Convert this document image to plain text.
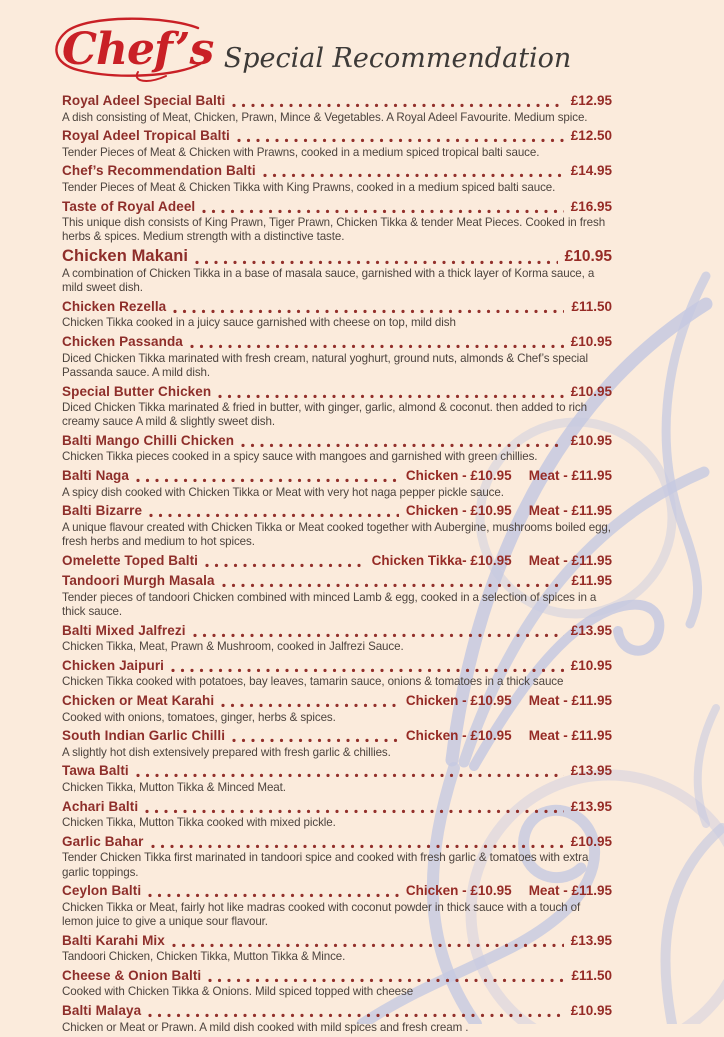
Chef’s Special Recommendation
Royal Adeel Special Balti	£12.95

A dish consisting of Meat, Chicken, Prawn, Mince & Vegetables. A Royal Adeel Favourite. Medium spice.

Royal Adeel Tropical Balti	£12.50

Tender Pieces of Meat & Chicken with Prawns, cooked in a medium spiced tropical balti sauce.

Chef’s Recommendation Balti	£14.95

Tender Pieces of Meat & Chicken Tikka with King Prawns, cooked in a medium spiced balti sauce.

Taste of Royal Adeel	£16.95

This unique dish consists of King Prawn, Tiger Prawn, Chicken Tikka & tender Meat Pieces. Cooked in fresh herbs & spices. Medium strength with a distinctive taste.

Chicken Makani	£10.95

A combination of Chicken Tikka in a base of masala sauce, garnished with a thick layer of Korma sauce, a mild sweet dish.

Chicken Rezella	£11.50

Chicken Tikka cooked in a juicy sauce garnished with cheese on top, mild dish

Chicken Passanda	£10.95

Diced Chicken Tikka marinated with fresh cream, natural yoghurt, ground nuts, almonds & Chef’s special Passanda sauce. A mild dish.

Special Butter Chicken	£10.95

Diced Chicken Tikka marinated & fried in butter, with ginger, garlic, almond & coconut. then added to rich creamy sauce A mild & slightly sweet dish.

Balti Mango Chilli Chicken	£10.95

Chicken Tikka pieces cooked in a spicy sauce with mangoes and garnished with green chillies.

Balti Naga	Chicken - £10.95 Meat - £11.95

A spicy dish cooked with Chicken Tikka or Meat with very hot naga pepper pickle sauce.

Balti Bizarre	Chicken - £10.95 Meat - £11.95

A unique flavour created with Chicken Tikka or Meat cooked together with Aubergine, mushrooms boiled egg, fresh herbs and medium to hot spices.

Omelette Toped Balti	Chicken Tikka- £10.95 Meat - £11.95
Tandoori Murgh Masala	£11.95

Tender pieces of tandoori Chicken combined with minced Lamb & egg, cooked in a selection of spices in a thick sauce.

Balti Mixed Jalfrezi	£13.95

Chicken Tikka, Meat, Prawn & Mushroom, cooked in Jalfrezi Sauce.

Chicken Jaipuri	£10.95

Chicken Tikka cooked with potatoes, bay leaves, tamarin sauce, onions & tomatoes in a thick sauce

Chicken or Meat Karahi	Chicken - £10.95 Meat - £11.95

Cooked with onions, tomatoes, ginger, herbs & spices.

South Indian Garlic Chilli	Chicken - £10.95 Meat - £11.95

A slightly hot dish extensively prepared with fresh garlic & chillies.

Tawa Balti	£13.95

Chicken Tikka, Mutton Tikka & Minced Meat.

Achari Balti	£13.95

Chicken Tikka, Mutton Tikka cooked with mixed pickle.

Garlic Bahar	£10.95

Tender Chicken Tikka first marinated in tandoori spice and cooked with fresh garlic & tomatoes with extra garlic toppings.

Ceylon Balti	Chicken - £10.95 Meat - £11.95

Chicken Tikka or Meat, fairly hot like madras cooked with coconut powder in thick sauce with a touch of lemon juice to give a unique sour flavour.

Balti Karahi Mix	£13.95

Tandoori Chicken, Chicken Tikka, Mutton Tikka & Mince.

Cheese & Onion Balti	£11.50

Cooked with Chicken Tikka & Onions. Mild spiced topped with cheese

Balti Malaya	£10.95

Chicken or Meat or Prawn. A mild dish cooked with mild spices and fresh cream .
